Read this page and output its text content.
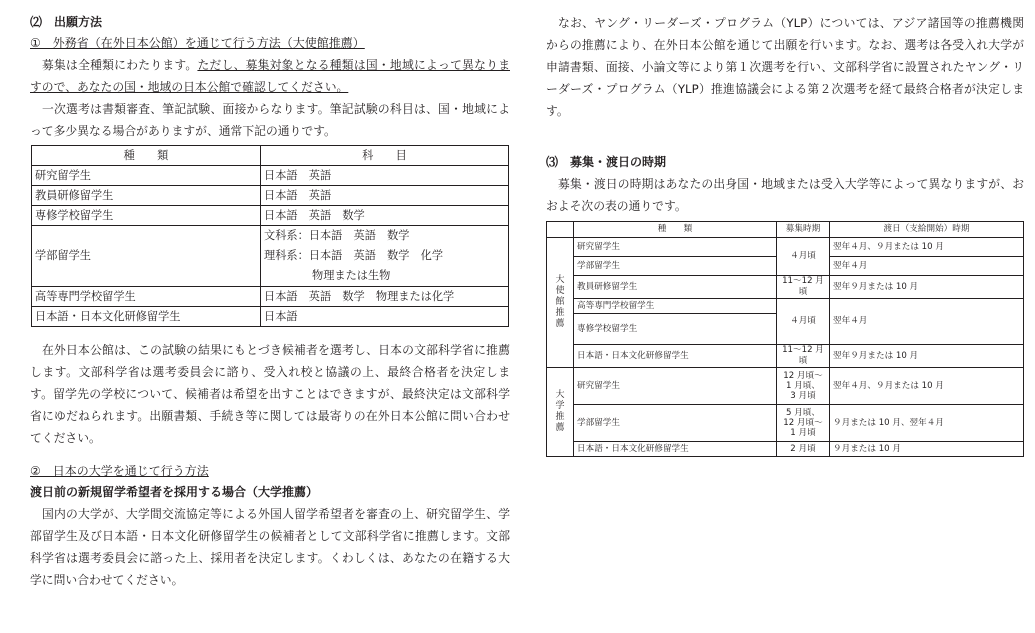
⑵　出願方法

①　外務省（在外日本公館）を通じて行う方法（大使館推薦）

募集は全種類にわたります。ただし、募集対象となる種類は国・地域によって異なりますので、あなたの国・地域の日本公館で確認してください。

一次選考は書類審査、筆記試験、面接からなります。筆記試験の科目は、国・地域によって多少異なる場合がありますが、通常下記の通りです。

種　　類	科　　目
研究留学生	日本語　英語
教員研修留学生	日本語　英語
専修学校留学生	日本語　英語　数学
学部留学生	文科系：日本語　英語　数学
理科系：日本語　英語　数学　化学
物理または生物

高等専門学校留学生	日本語　英語　数学　物理または化学
日本語・日本文化研修留学生	日本語

在外日本公館は、この試験の結果にもとづき候補者を選考し、日本の文部科学省に推薦します。文部科学省は選考委員会に諮り、受入れ校と協議の上、最終合格者を決定します。留学先の学校について、候補者は希望を出すことはできますが、最終決定は文部科学省にゆだねられます。出願書類、手続き等に関しては最寄りの在外日本公館に問い合わせてください。

②　日本の大学を通じて行う方法

渡日前の新規留学希望者を採用する場合（大学推薦）

国内の大学が、大学間交流協定等による外国人留学希望者を審査の上、研究留学生、学部留学生及び日本語・日本文化研修留学生の候補者として文部科学省に推薦します。文部科学省は選考委員会に諮った上、採用者を決定します。くわしくは、あなたの在籍する大学に問い合わせてください。

なお、ヤング・リーダーズ・プログラム（YLP）については、アジア諸国等の推薦機関からの推薦により、在外日本公館を通じて出願を行います。なお、選考は各受入れ大学が申請書類、面接、小論文等により第１次選考を行い、文部科学省に設置されたヤング・リーダーズ・プログラム（YLP）推進協議会による第２次選考を経て最終合格者が決定します。

⑶　募集・渡日の時期

募集・渡日の時期はあなたの出身国・地域または受入大学等によって異なりますが、おおよそ次の表の通りです。

	種　　類	募集時期	渡日（支給開始）時期
大使館推薦	研究留学生	４月頃	翌年４月、９月または 10 月
	学部留学生		翌年４月
	教員研修留学生	11～12 月頃	翌年９月または 10 月
	高等専門学校留学生	４月頃	翌年４月
	専修学校留学生		
	日本語・日本文化研修留学生	11～12 月頃	翌年９月または 10 月
大学推薦	研究留学生	12 月頃～
1 月頃、
3 月頃	翌年４月、９月または 10 月
	学部留学生	5 月頃、
12 月頃～
1 月頃	９月または 10 月、翌年４月
	日本語・日本文化研修留学生	2 月頃	９月または 10 月
